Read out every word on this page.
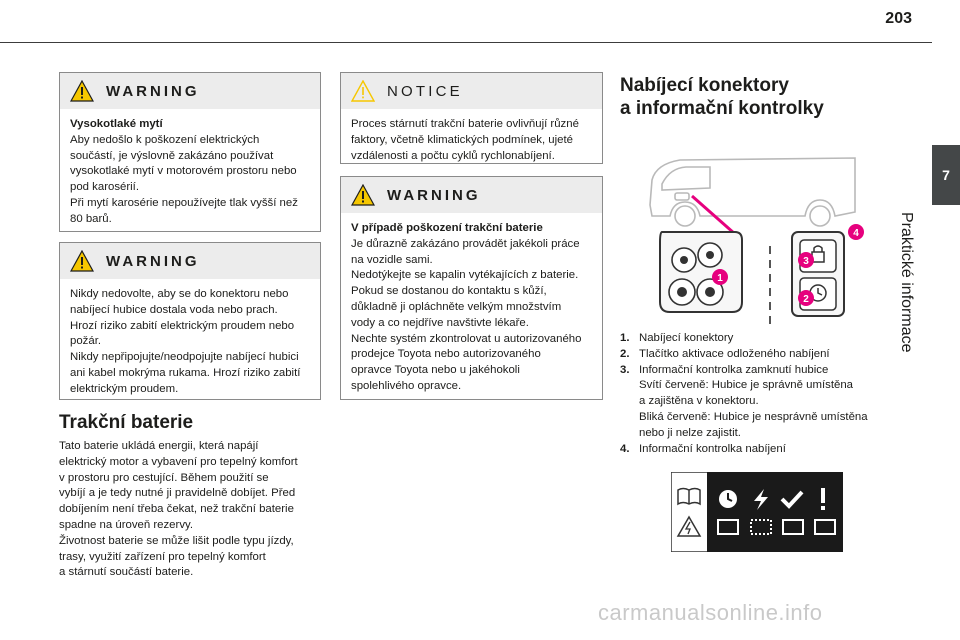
203
7
Praktické informace
WARNING

Vysokotlaké mytí

Aby nedošlo k poškození elektrických

součástí, je výslovně zakázáno používat

vysokotlaké mytí v motorovém prostoru nebo

pod karosérií.

Při mytí karosérie nepoužívejte tlak vyšší než

80 barů.

WARNING

Nikdy nedovolte, aby se do konektoru nebo

nabíjecí hubice dostala voda nebo prach.

Hrozí riziko zabití elektrickým proudem nebo

požár.

Nikdy nepřipojujte/neodpojujte nabíjecí hubici

ani kabel mokrýma rukama. Hrozí riziko zabití

elektrickým proudem.

Trakční baterie

Tato baterie ukládá energii, která napájí

elektrický motor a vybavení pro tepelný komfort

v prostoru pro cestující. Během použití se

vybíjí a je tedy nutné ji pravidelně dobíjet. Před

dobíjením není třeba čekat, než trakční baterie

spadne na úroveň rezervy.

Životnost baterie se může lišit podle typu jízdy,

trasy, využití zařízení pro tepelný komfort

a stárnutí součástí baterie.

NOTICE

Proces stárnutí trakční baterie ovlivňují různé

faktory, včetně klimatických podmínek, ujeté

vzdálenosti a počtu cyklů rychlonabíjení.

WARNING

V případě poškození trakční baterie

Je důrazně zakázáno provádět jakékoli práce

na vozidle sami.

Nedotýkejte se kapalin vytékajících z baterie.

Pokud se dostanou do kontaktu s kůží,

důkladně ji opláchněte velkým množstvím

vody a co nejdříve navštivte lékaře.

Nechte systém zkontrolovat u autorizovaného

prodejce Toyota nebo autorizovaného

opravce Toyota nebo u jakéhokoli

spolehlivého opravce.

Nabíjecí konektory
a informační kontrolky
1
2
3
4
1. Nabíjecí konektory
2. Tlačítko aktivace odloženého nabíjení
3. Informační kontrolka zamknutí hubice
Svítí červeně: Hubice je správně umístěna
a zajištěna v konektoru.
Bliká červeně: Hubice je nesprávně umístěna
nebo ji nelze zajistit.
4. Informační kontrolka nabíjení
carmanualsonline.info
